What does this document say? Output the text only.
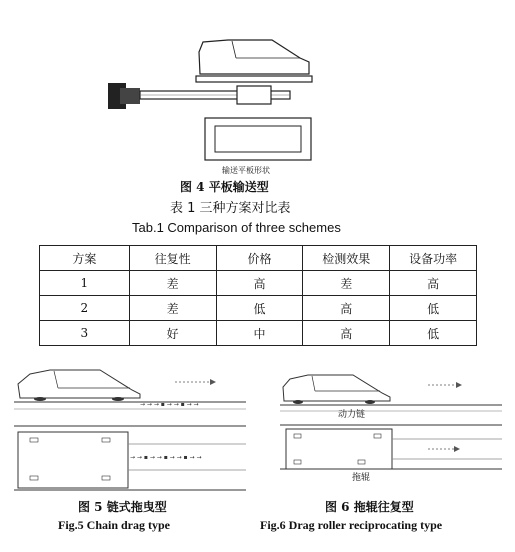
输送平板形状
图 4 平板输送型
表 1 三种方案对比表
Tab.1 Comparison of three schemes
方案	往复性	价格	检测效果	设备功率
1	差	高	差	高
2	差	低	高	低
3	好	中	高	低
→ → → ▪ → → ▪ → →
→ → ▪ → → ▪ → → ▪ → →
图 5 链式拖曳型
Fig.5 Chain drag type
动力链
拖辊
图 6 拖辊往复型
Fig.6 Drag roller reciprocating type
